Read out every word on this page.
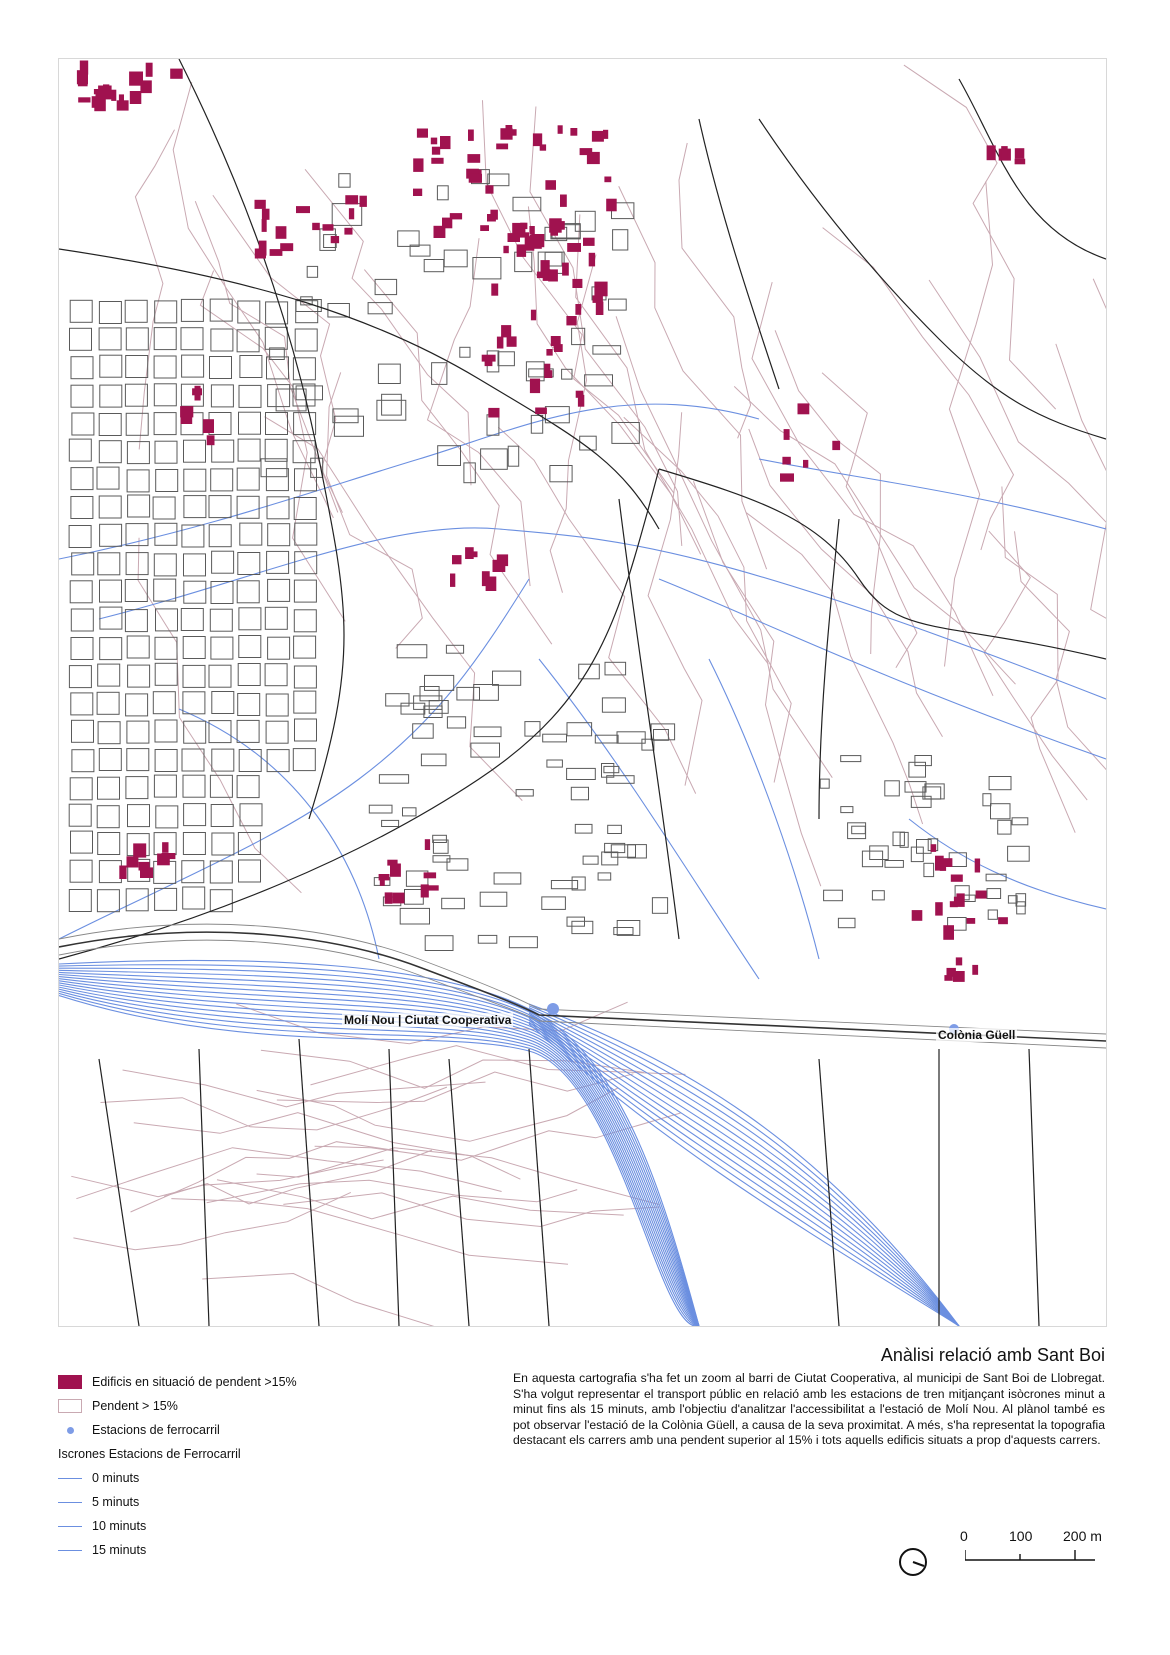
Molí Nou | Ciutat Cooperativa
Colònia Güell
Anàlisi relació amb Sant Boi
En aquesta cartografia s'ha fet un zoom al barri de Ciutat Cooperativa, al municipi de Sant Boi de Llobregat. S'ha volgut representar el transport públic en relació amb les estacions de tren mitjançant isòcrones minut a minut fins als 15 minuts, amb l'objectiu d'analitzar l'accessibilitat a l'estació de Molí Nou. Al plànol també es pot observar l'estació de la Colònia Güell, a causa de la seva proximitat. A més, s'ha representat la topografia destacant els carrers amb una pendent superior al 15% i tots aquells edificis situats a prop d'aquests carrers.
Edificis en situació de pendent >15%
Pendent > 15%
Estacions de ferrocarril
Iscrones Estacions de Ferrocarril
0 minuts
5 minuts
10 minuts
15 minuts
0	100 200 m
